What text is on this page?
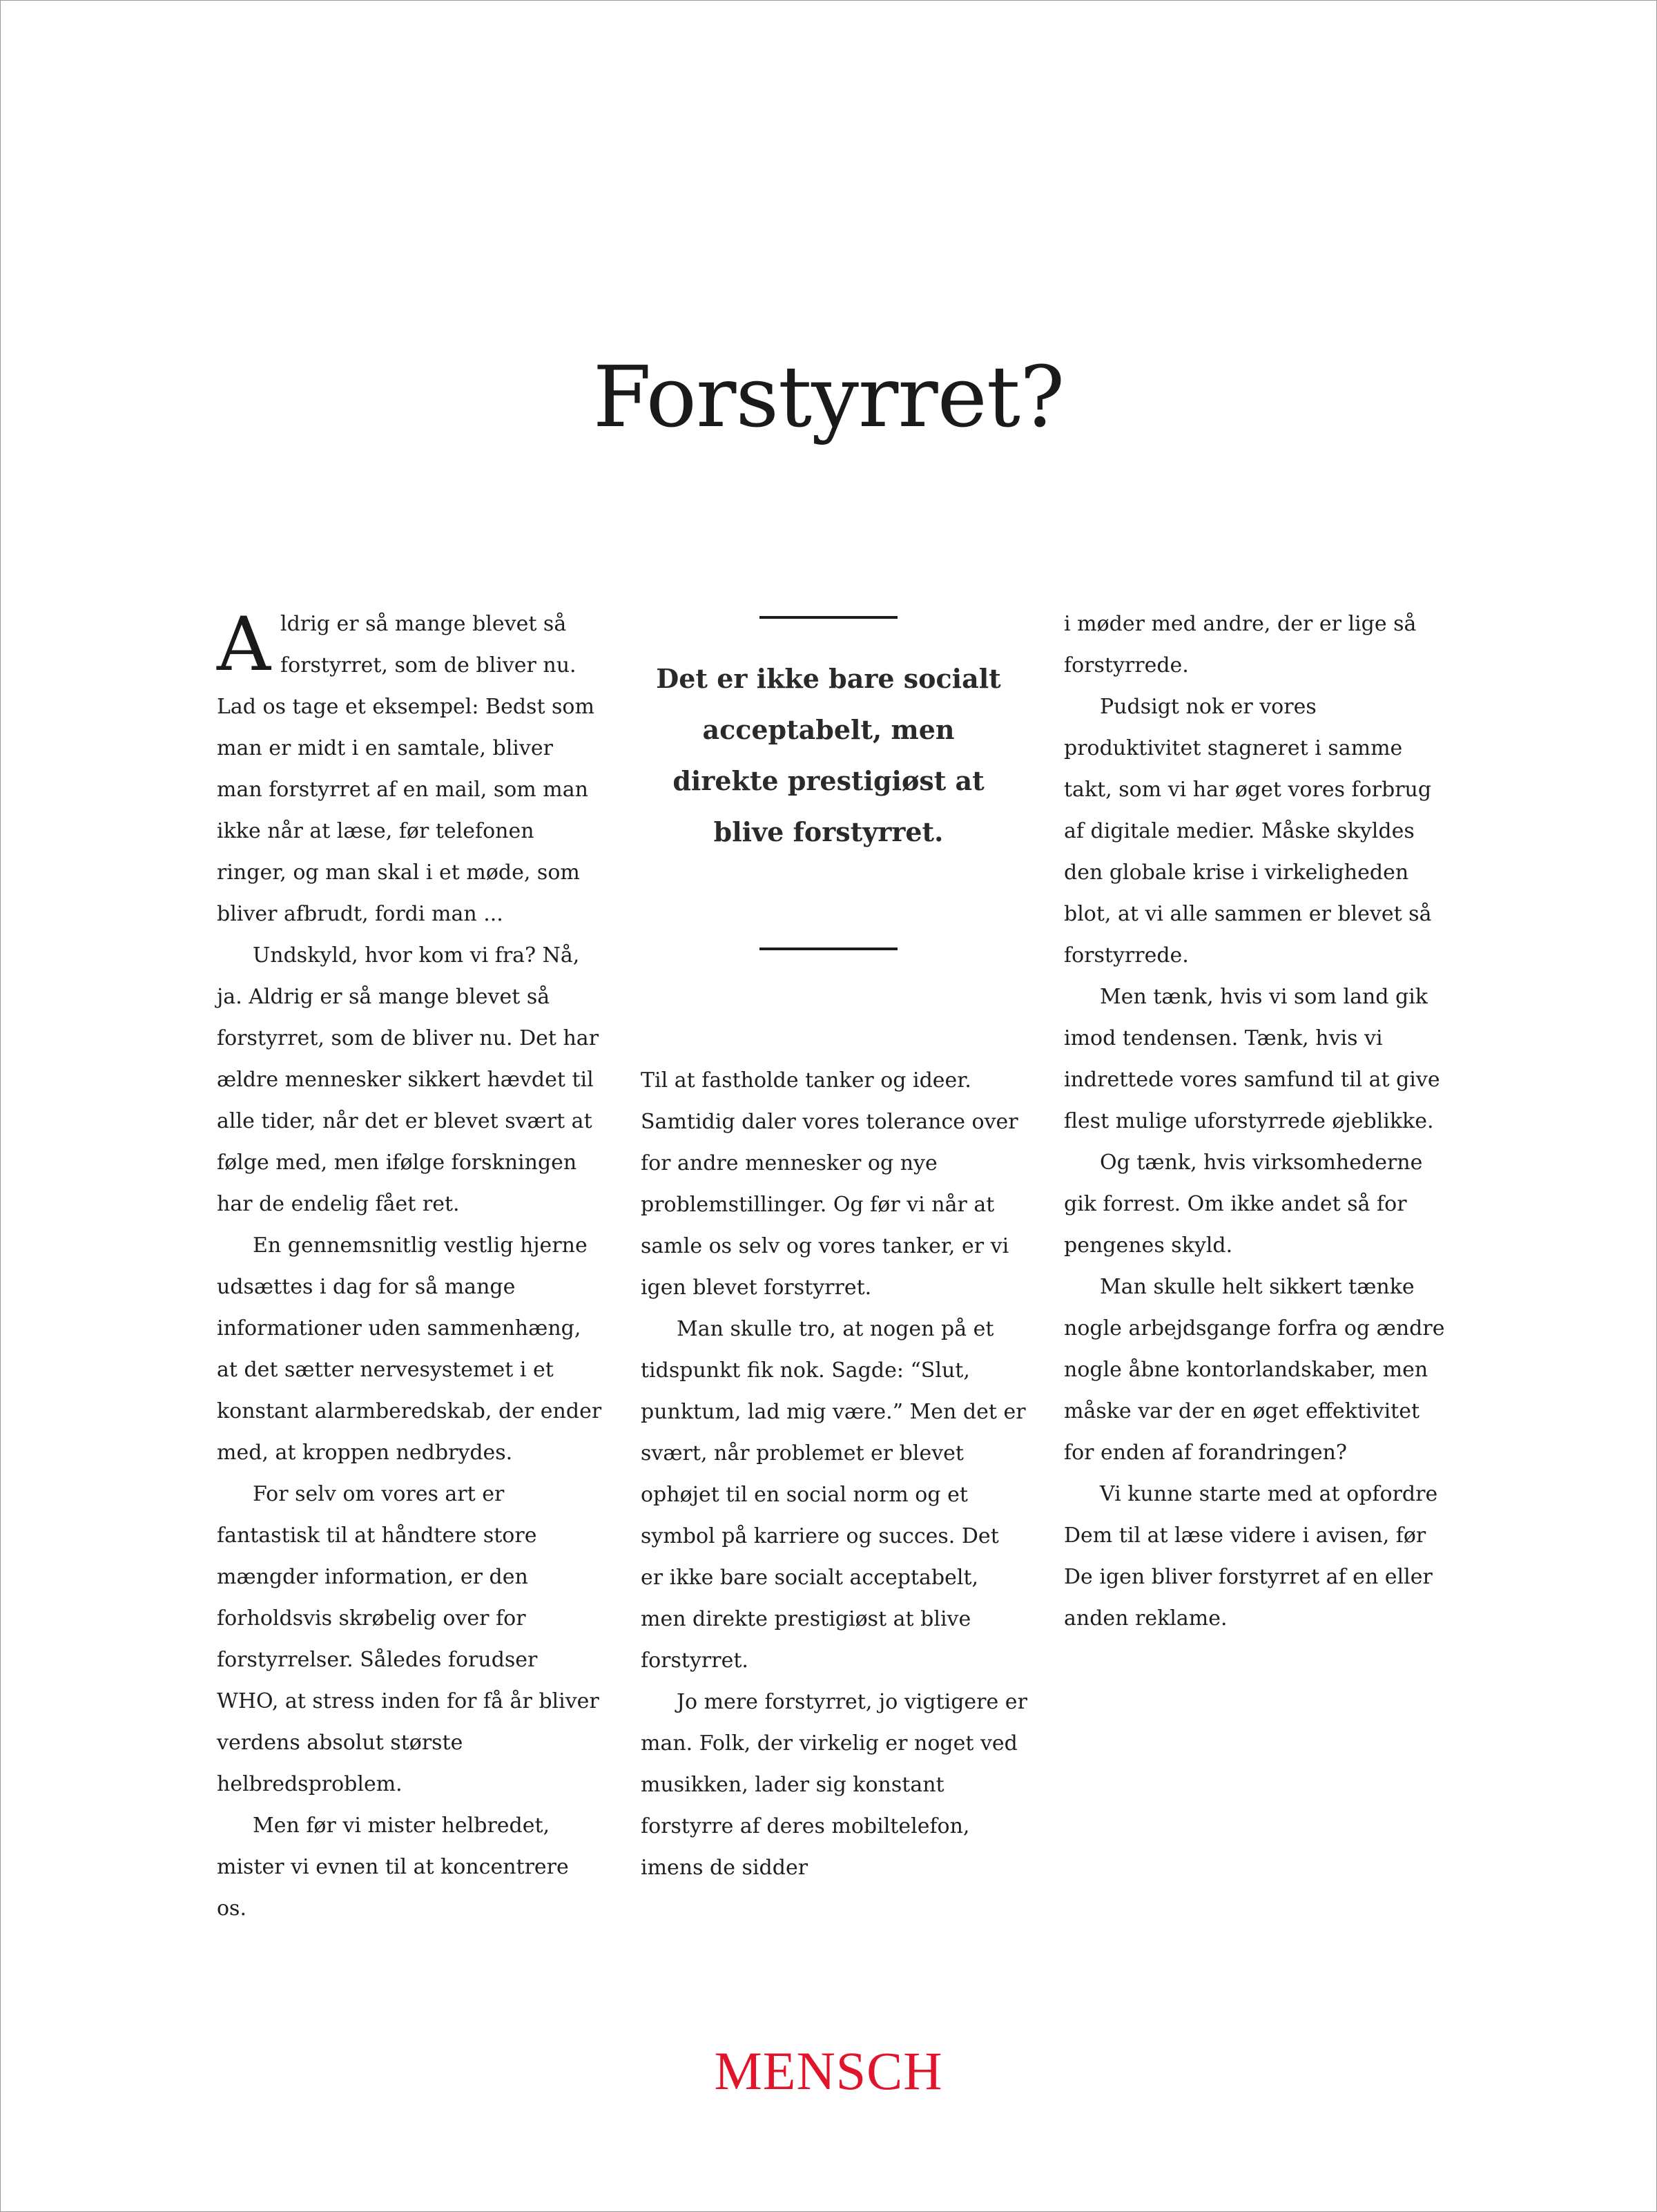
Forstyrret?

Aldrig er så mange blevet så forstyrret, som de bliver nu. Lad os tage et eksempel: Bedst som man er midt i en samtale, bliver man forstyrret af en mail, som man ikke når at læse, før telefonen ringer, og man skal i et møde, som bliver afbrudt, fordi man ...

Undskyld, hvor kom vi fra? Nå, ja. Aldrig er så mange blevet så forstyrret, som de bliver nu. Det har ældre mennesker sikkert hævdet til alle tider, når det er blevet svært at følge med, men ifølge forskningen har de endelig fået ret.

En gennemsnitlig vestlig hjerne udsættes i dag for så mange informationer uden sammenhæng, at det sætter nervesystemet i et konstant alarmberedskab, der ender med, at kroppen nedbrydes.

For selv om vores art er fantastisk til at håndtere store mængder information, er den forholdsvis skrøbelig over for forstyrrelser. Således forudser WHO, at stress inden for få år bliver verdens absolut største helbredsproblem.

Men før vi mister helbredet, mister vi evnen til at koncentrere os.

Det er ikke bare socialt acceptabelt, men direkte prestigiøst at blive forstyrret.

Til at fastholde tanker og ideer. Samtidig daler vores tolerance over for andre mennesker og nye problemstillinger. Og før vi når at samle os selv og vores tanker, er vi igen blevet forstyrret.

Man skulle tro, at nogen på et tidspunkt fik nok. Sagde: “Slut, punktum, lad mig være.” Men det er svært, når problemet er blevet ophøjet til en social norm og et symbol på karriere og succes. Det er ikke bare socialt acceptabelt, men direkte prestigiøst at blive forstyrret.

Jo mere forstyrret, jo vigtigere er man. Folk, der virkelig er noget ved musikken, lader sig konstant forstyrre af deres mobiltelefon, imens de sidder

i møder med andre, der er lige så forstyrrede.

Pudsigt nok er vores produktivitet stagneret i samme takt, som vi har øget vores forbrug af digitale medier. Måske skyldes den globale krise i virkeligheden blot, at vi alle sammen er blevet så forstyrrede.

Men tænk, hvis vi som land gik imod tendensen. Tænk, hvis vi indrettede vores samfund til at give flest mulige uforstyrrede øjeblikke.

Og tænk, hvis virksomhederne gik forrest. Om ikke andet så for pengenes skyld.

Man skulle helt sikkert tænke nogle arbejdsgange forfra og ændre nogle åbne kontorlandskaber, men måske var der en øget effektivitet for enden af forandringen?

Vi kunne starte med at opfordre Dem til at læse videre i avisen, før De igen bliver forstyrret af en eller anden reklame.

MENSCH
